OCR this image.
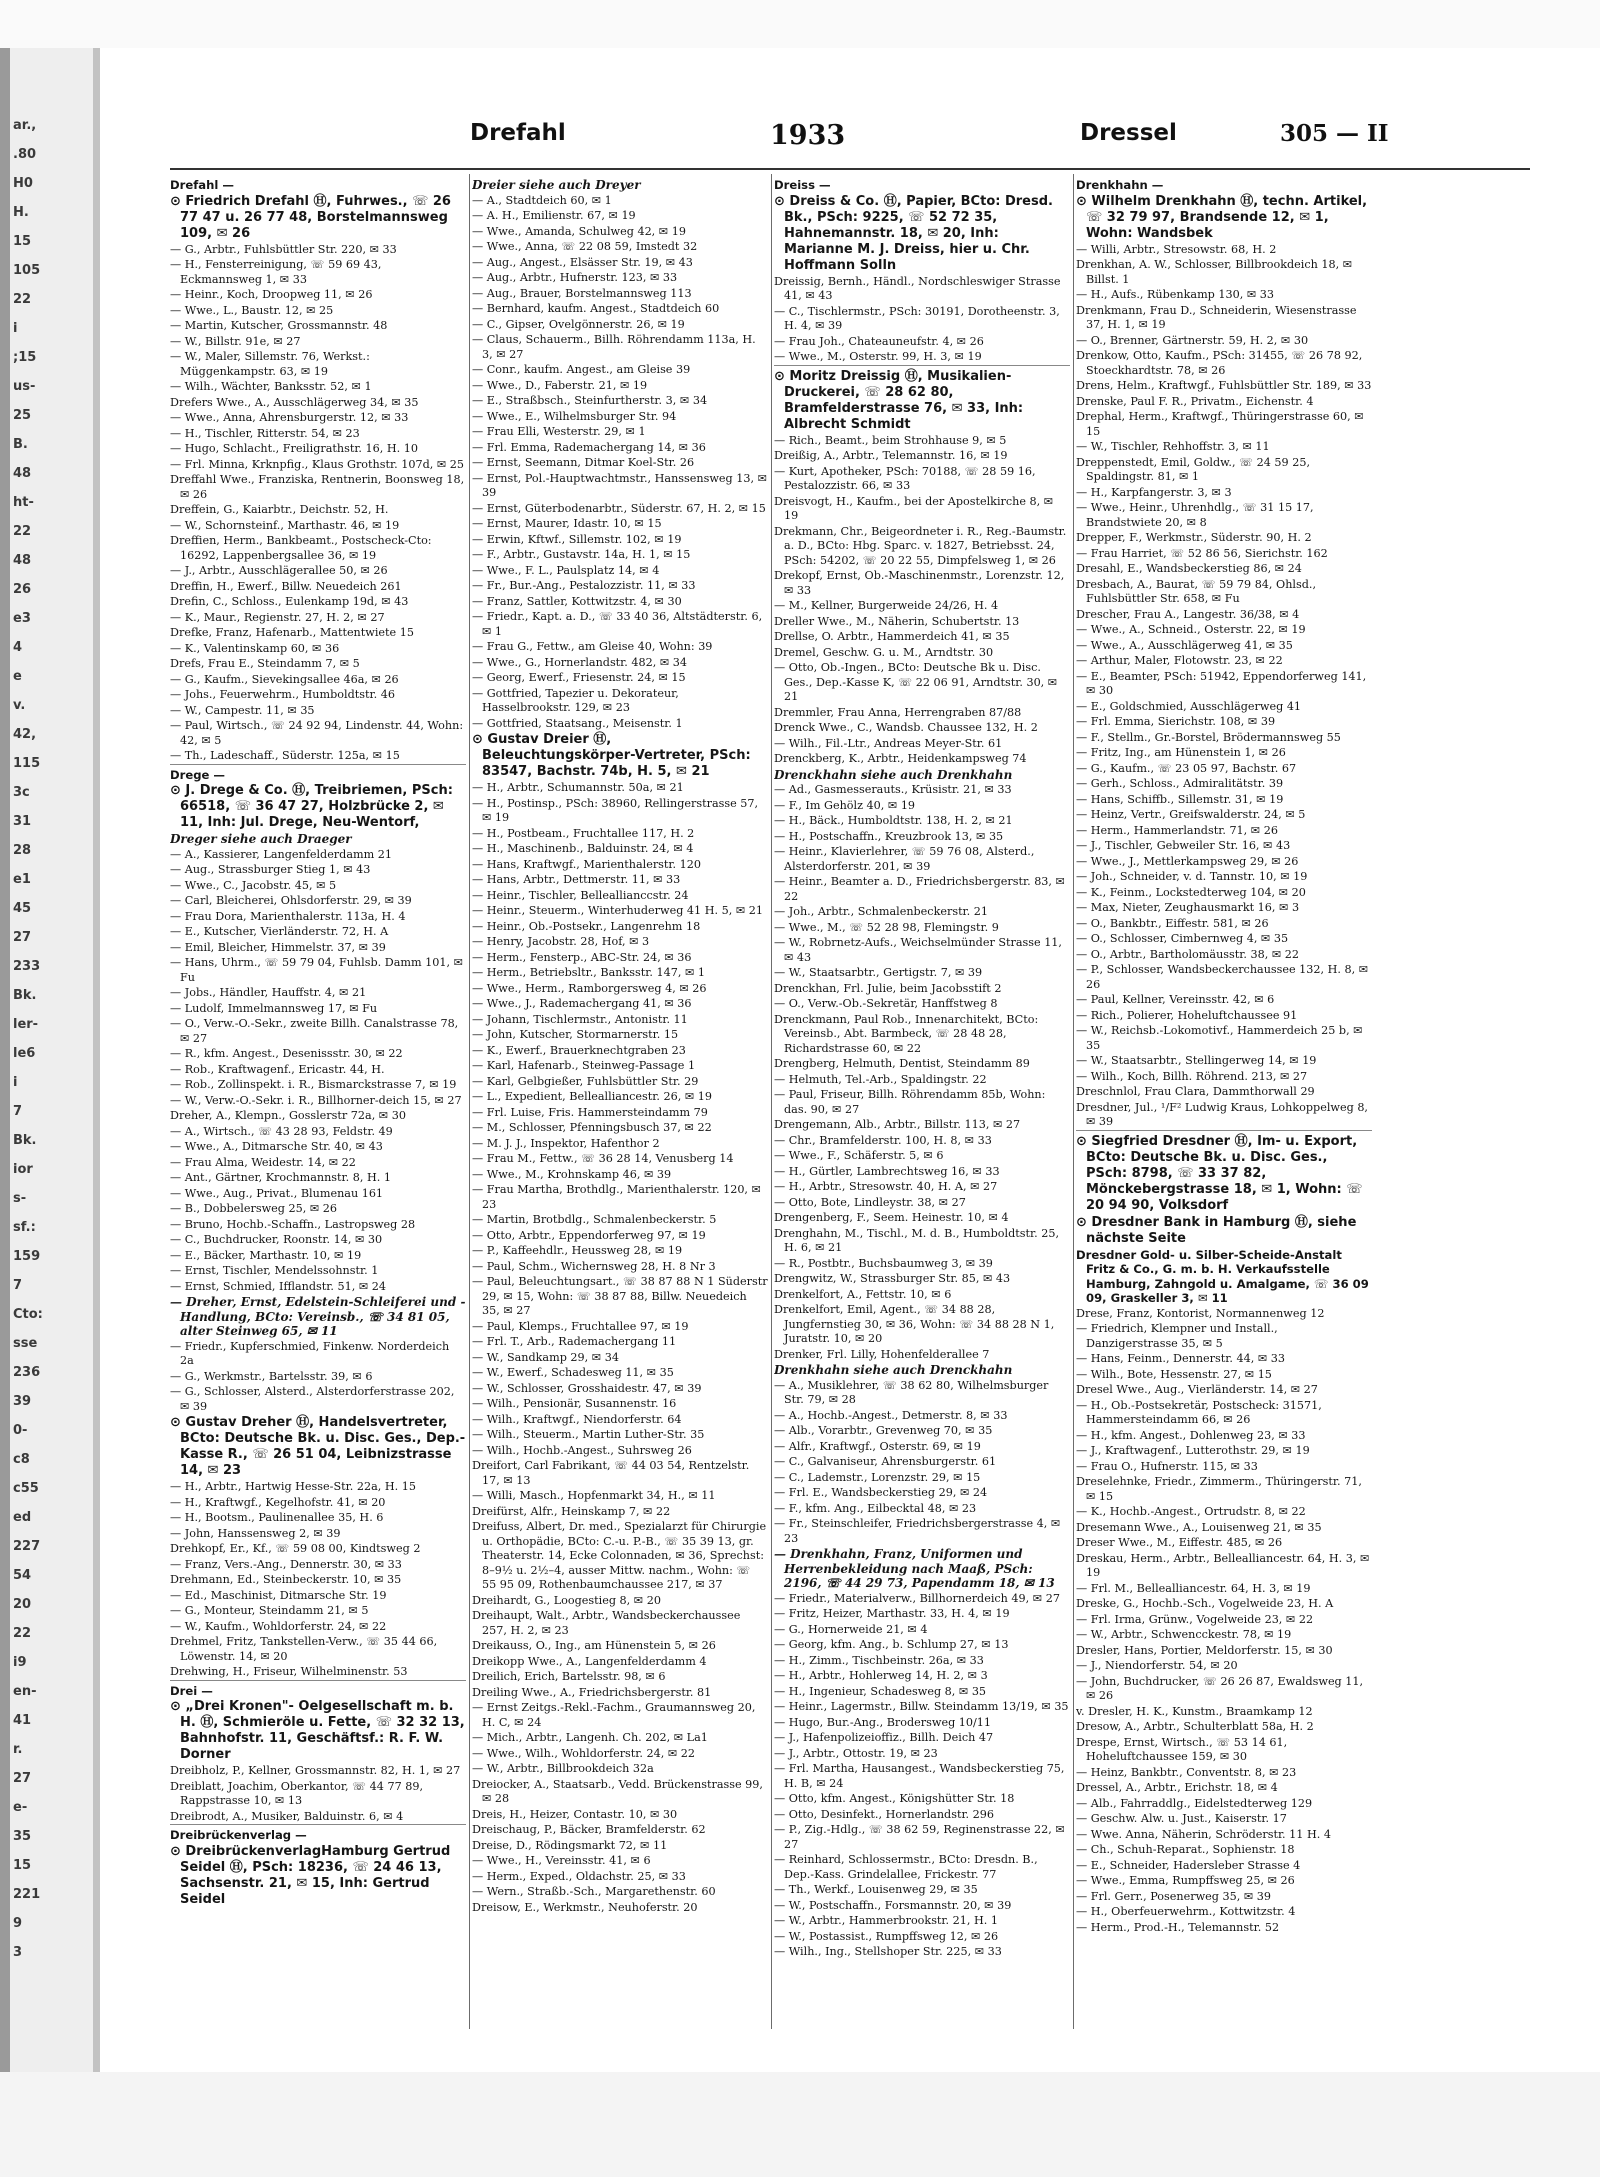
ar.,
.80
H0
H.
15
105
22
i
;15
us-
25
B.
48
ht-
22
48
26
e3
4
e
v.
42,
115
3c
31
28
e1
45
27
233
Bk.
ler-
le6
i
7
Bk.
ior
s-
sf.:
159
7
Cto:
sse
236
39
0-
c8
c55
ed
227
54
20
22
i9
en-
41
r.
27
e-
35
15
221
9
3
Drefahl	1933	Dressel	305 — II
Drefahl —
⊙ Friedrich Drefahl Ⓗ, Fuhrwes., ☏ 26 77 47 u. 26 77 48, Borstelmannsweg 109, ✉ 26
— G., Arbtr., Fuhlsbüttler Str. 220, ✉ 33
— H., Fensterreinigung, ☏ 59 69 43, Eckmannsweg 1, ✉ 33
— Heinr., Koch, Droopweg 11, ✉ 26
— Wwe., L., Baustr. 12, ✉ 25
— Martin, Kutscher, Grossmannstr. 48
— W., Billstr. 91e, ✉ 27
— W., Maler, Sillemstr. 76, Werkst.: Müggenkampstr. 63, ✉ 19
— Wilh., Wächter, Banksstr. 52, ✉ 1
Drefers Wwe., A., Ausschlägerweg 34, ✉ 35
— Wwe., Anna, Ahrensburgerstr. 12, ✉ 33
— H., Tischler, Ritterstr. 54, ✉ 23
— Hugo, Schlacht., Freiligrathstr. 16, H. 10
— Frl. Minna, Krknpfig., Klaus Grothstr. 107d, ✉ 25
Dreffahl Wwe., Franziska, Rentnerin, Boonsweg 18, ✉ 26
Dreffein, G., Kaiarbtr., Deichstr. 52, H.
— W., Schornsteinf., Marthastr. 46, ✉ 19
Dreffien, Herm., Bankbeamt., Postscheck-Cto: 16292, Lappenbergsallee 36, ✉ 19
— J., Arbtr., Ausschlägerallee 50, ✉ 26
Dreffin, H., Ewerf., Billw. Neuedeich 261
Drefin, C., Schloss., Eulenkamp 19d, ✉ 43
— K., Maur., Regienstr. 27, H. 2, ✉ 27
Drefke, Franz, Hafenarb., Mattentwiete 15
— K., Valentinskamp 60, ✉ 36
Drefs, Frau E., Steindamm 7, ✉ 5
— G., Kaufm., Sievekingsallee 46a, ✉ 26
— Johs., Feuerwehrm., Humboldtstr. 46
— W., Campestr. 11, ✉ 35
— Paul, Wirtsch., ☏ 24 92 94, Lindenstr. 44, Wohn: 42, ✉ 5
— Th., Ladeschaff., Süderstr. 125a, ✉ 15
Drege —
⊙ J. Drege & Co. Ⓗ, Treibriemen, PSch: 66518, ☏ 36 47 27, Holzbrücke 2, ✉ 11, Inh: Jul. Drege, Neu-Wentorf,
Dreger siehe auch Draeger
— A., Kassierer, Langenfelderdamm 21
— Aug., Strassburger Stieg 1, ✉ 43
— Wwe., C., Jacobstr. 45, ✉ 5
— Carl, Bleicherei, Ohlsdorferstr. 29, ✉ 39
— Frau Dora, Marienthalerstr. 113a, H. 4
— E., Kutscher, Vierländerstr. 72, H. A
— Emil, Bleicher, Himmelstr. 37, ✉ 39
— Hans, Uhrm., ☏ 59 79 04, Fuhlsb. Damm 101, ✉ Fu
— Jobs., Händler, Hauffstr. 4, ✉ 21
— Ludolf, Immelmannsweg 17, ✉ Fu
— O., Verw.-O.-Sekr., zweite Billh. Canalstrasse 78, ✉ 27
— R., kfm. Angest., Desenissstr. 30, ✉ 22
— Rob., Kraftwagenf., Ericastr. 44, H.
— Rob., Zollinspekt. i. R., Bismarckstrasse 7, ✉ 19
— W., Verw.-O.-Sekr. i. R., Billhorner-deich 15, ✉ 27
Dreher, A., Klempn., Gosslerstr 72a, ✉ 30
— A., Wirtsch., ☏ 43 28 93, Feldstr. 49
— Wwe., A., Ditmarsche Str. 40, ✉ 43
— Frau Alma, Weidestr. 14, ✉ 22
— Ant., Gärtner, Krochmannstr. 8, H. 1
— Wwe., Aug., Privat., Blumenau 161
— B., Dobbelersweg 25, ✉ 26
— Bruno, Hochb.-Schaffn., Lastropsweg 28
— C., Buchdrucker, Roonstr. 14, ✉ 30
— E., Bäcker, Marthastr. 10, ✉ 19
— Ernst, Tischler, Mendelssohnstr. 1
— Ernst, Schmied, Ifflandstr. 51, ✉ 24
— Dreher, Ernst, Edelstein-Schleiferei und -Handlung, BCto: Vereinsb., ☏ 34 81 05, alter Steinweg 65, ✉ 11
— Friedr., Kupferschmied, Finkenw. Norderdeich 2a
— G., Werkmstr., Bartelsstr. 39, ✉ 6
— G., Schlosser, Alsterd., Alsterdorferstrasse 202, ✉ 39
⊙ Gustav Dreher Ⓗ, Handelsvertreter, BCto: Deutsche Bk. u. Disc. Ges., Dep.-Kasse R., ☏ 26 51 04, Leibnizstrasse 14, ✉ 23
— H., Arbtr., Hartwig Hesse-Str. 22a, H. 15
— H., Kraftwgf., Kegelhofstr. 41, ✉ 20
— H., Bootsm., Paulinenallee 35, H. 6
— John, Hanssensweg 2, ✉ 39
Drehkopf, Er., Kf., ☏ 59 08 00, Kindtsweg 2
— Franz, Vers.-Ang., Dennerstr. 30, ✉ 33
Drehmann, Ed., Steinbeckerstr. 10, ✉ 35
— Ed., Maschinist, Ditmarsche Str. 19
— G., Monteur, Steindamm 21, ✉ 5
— W., Kaufm., Wohldorferstr. 24, ✉ 22
Drehmel, Fritz, Tankstellen-Verw., ☏ 35 44 66, Löwenstr. 14, ✉ 20
Drehwing, H., Friseur, Wilhelminenstr. 53
Drei —
⊙ „Drei Kronen"- Oelgesellschaft m. b. H. Ⓗ, Schmieröle u. Fette, ☏ 32 32 13, Bahnhofstr. 11, Geschäftsf.: R. F. W. Dorner
Dreibholz, P., Kellner, Grossmannstr. 82, H. 1, ✉ 27
Dreiblatt, Joachim, Oberkantor, ☏ 44 77 89, Rappstrasse 10, ✉ 13
Dreibrodt, A., Musiker, Balduinstr. 6, ✉ 4
Dreibrückenverlag —
⊙ DreibrückenverlagHamburg Gertrud Seidel Ⓗ, PSch: 18236, ☏ 24 46 13, Sachsenstr. 21, ✉ 15, Inh: Gertrud Seidel
Dreier siehe auch Dreyer
— A., Stadtdeich 60, ✉ 1
— A. H., Emilienstr. 67, ✉ 19
— Wwe., Amanda, Schulweg 42, ✉ 19
— Wwe., Anna, ☏ 22 08 59, Imstedt 32
— Aug., Angest., Elsässer Str. 19, ✉ 43
— Aug., Arbtr., Hufnerstr. 123, ✉ 33
— Aug., Brauer, Borstelmannsweg 113
— Bernhard, kaufm. Angest., Stadtdeich 60
— C., Gipser, Ovelgönnerstr. 26, ✉ 19
— Claus, Schauerm., Billh. Röhrendamm 113a, H. 3, ✉ 27
— Conr., kaufm. Angest., am Gleise 39
— Wwe., D., Faberstr. 21, ✉ 19
— E., Straßbsch., Steinfurtherstr. 3, ✉ 34
— Wwe., E., Wilhelmsburger Str. 94
— Frau Elli, Westerstr. 29, ✉ 1
— Frl. Emma, Rademachergang 14, ✉ 36
— Ernst, Seemann, Ditmar Koel-Str. 26
— Ernst, Pol.-Hauptwachtmstr., Hanssensweg 13, ✉ 39
— Ernst, Güterbodenarbtr., Süderstr. 67, H. 2, ✉ 15
— Ernst, Maurer, Idastr. 10, ✉ 15
— Erwin, Kftwf., Sillemstr. 102, ✉ 19
— F., Arbtr., Gustavstr. 14a, H. 1, ✉ 15
— Wwe., F. L., Paulsplatz 14, ✉ 4
— Fr., Bur.-Ang., Pestalozzistr. 11, ✉ 33
— Franz, Sattler, Kottwitzstr. 4, ✉ 30
— Friedr., Kapt. a. D., ☏ 33 40 36, Altstädterstr. 6, ✉ 1
— Frau G., Fettw., am Gleise 40, Wohn: 39
— Wwe., G., Hornerlandstr. 482, ✉ 34
— Georg, Ewerf., Friesenstr. 24, ✉ 15
— Gottfried, Tapezier u. Dekorateur, Hasselbrookstr. 129, ✉ 23
— Gottfried, Staatsang., Meisenstr. 1
⊙ Gustav Dreier Ⓗ, Beleuchtungskörper-Vertreter, PSch: 83547, Bachstr. 74b, H. 5, ✉ 21
— H., Arbtr., Schumannstr. 50a, ✉ 21
— H., Postinsp., PSch: 38960, Rellingerstrasse 57, ✉ 19
— H., Postbeam., Fruchtallee 117, H. 2
— H., Maschinenb., Balduinstr. 24, ✉ 4
— Hans, Kraftwgf., Marienthalerstr. 120
— Hans, Arbtr., Dettmerstr. 11, ✉ 33
— Heinr., Tischler, Belleallianccstr. 24
— Heinr., Steuerm., Winterhuderweg 41 H. 5, ✉ 21
— Heinr., Ob.-Postsekr., Langenrehm 18
— Henry, Jacobstr. 28, Hof, ✉ 3
— Herm., Fensterp., ABC-Str. 24, ✉ 36
— Herm., Betriebsltr., Banksstr. 147, ✉ 1
— Wwe., Herm., Ramborgersweg 4, ✉ 26
— Wwe., J., Rademachergang 41, ✉ 36
— Johann, Tischlermstr., Antonistr. 11
— John, Kutscher, Stormarnerstr. 15
— K., Ewerf., Brauerknechtgraben 23
— Karl, Hafenarb., Steinweg-Passage 1
— Karl, Gelbgießer, Fuhlsbüttler Str. 29
— L., Expedient, Bellealliancestr. 26, ✉ 19
— Frl. Luise, Fris. Hammersteindamm 79
— M., Schlosser, Pfenningsbusch 37, ✉ 22
— M. J. J., Inspektor, Hafenthor 2
— Frau M., Fettw., ☏ 36 28 14, Venusberg 14
— Wwe., M., Krohnskamp 46, ✉ 39
— Frau Martha, Brothdlg., Marienthalerstr. 120, ✉ 23
— Martin, Brotbdlg., Schmalenbeckerstr. 5
— Otto, Arbtr., Eppendorferweg 97, ✉ 19
— P., Kaffeehdlr., Heussweg 28, ✉ 19
— Paul, Schm., Wichernsweg 28, H. 8 Nr 3
— Paul, Beleuchtungsart., ☏ 38 87 88 N 1 Süderstr 29, ✉ 15, Wohn: ☏ 38 87 88, Billw. Neuedeich 35, ✉ 27
— Paul, Klemps., Fruchtallee 97, ✉ 19
— Frl. T., Arb., Rademachergang 11
— W., Sandkamp 29, ✉ 34
— W., Ewerf., Schadesweg 11, ✉ 35
— W., Schlosser, Grosshaidestr. 47, ✉ 39
— Wilh., Pensionär, Susannenstr. 16
— Wilh., Kraftwgf., Niendorferstr. 64
— Wilh., Steuerm., Martin Luther-Str. 35
— Wilh., Hochb.-Angest., Suhrsweg 26
Dreifort, Carl Fabrikant, ☏ 44 03 54, Rentzelstr. 17, ✉ 13
— Willi, Masch., Hopfenmarkt 34, H., ✉ 11
Dreifürst, Alfr., Heinskamp 7, ✉ 22
Dreifuss, Albert, Dr. med., Spezialarzt für Chirurgie u. Orthopädie, BCto: C.-u. P.-B., ☏ 35 39 13, gr. Theaterstr. 14, Ecke Colonnaden, ✉ 36, Sprechst: 8–9½ u. 2½–4, ausser Mittw. nachm., Wohn: ☏ 55 95 09, Rothenbaumchaussee 217, ✉ 37
Dreihardt, G., Loogestieg 8, ✉ 20
Dreihaupt, Walt., Arbtr., Wandsbeckerchaussee 257, H. 2, ✉ 23
Dreikauss, O., Ing., am Hünenstein 5, ✉ 26
Dreikopp Wwe., A., Langenfelderdamm 4
Dreilich, Erich, Bartelsstr. 98, ✉ 6
Dreiling Wwe., A., Friedrichsbergerstr. 81
— Ernst Zeitgs.-Rekl.-Fachm., Graumannsweg 20, H. C, ✉ 24
— Mich., Arbtr., Langenh. Ch. 202, ✉ La1
— Wwe., Wilh., Wohldorferstr. 24, ✉ 22
— W., Arbtr., Billbrookdeich 32a
Dreiocker, A., Staatsarb., Vedd. Brückenstrasse 99, ✉ 28
Dreis, H., Heizer, Contastr. 10, ✉ 30
Dreischaug, P., Bäcker, Bramfelderstr. 62
Dreise, D., Rödingsmarkt 72, ✉ 11
— Wwe., H., Vereinsstr. 41, ✉ 6
— Herm., Exped., Oldachstr. 25, ✉ 33
— Wern., Straßb.-Sch., Margarethenstr. 60
Dreisow, E., Werkmstr., Neuhoferstr. 20
Dreiss —
⊙ Dreiss & Co. Ⓗ, Papier, BCto: Dresd. Bk., PSch: 9225, ☏ 52 72 35, Hahnemannstr. 18, ✉ 20, Inh: Marianne M. J. Dreiss, hier u. Chr. Hoffmann Solln
Dreissig, Bernh., Händl., Nordschleswiger Strasse 41, ✉ 43
— C., Tischlermstr., PSch: 30191, Dorotheenstr. 3, H. 4, ✉ 39
— Frau Joh., Chateauneufstr. 4, ✉ 26
— Wwe., M., Osterstr. 99, H. 3, ✉ 19
⊙ Moritz Dreissig Ⓗ, Musikalien-Druckerei, ☏ 28 62 80, Bramfelderstrasse 76, ✉ 33, Inh: Albrecht Schmidt
— Rich., Beamt., beim Strohhause 9, ✉ 5
Dreißig, A., Arbtr., Telemannstr. 16, ✉ 19
— Kurt, Apotheker, PSch: 70188, ☏ 28 59 16, Pestalozzistr. 66, ✉ 33
Dreisvogt, H., Kaufm., bei der Apostelkirche 8, ✉ 19
Drekmann, Chr., Beigeordneter i. R., Reg.-Baumstr. a. D., BCto: Hbg. Sparc. v. 1827, Betriebsst. 24, PSch: 54202, ☏ 20 22 55, Dimpfelsweg 1, ✉ 26
Drekopf, Ernst, Ob.-Maschinenmstr., Lorenzstr. 12, ✉ 33
— M., Kellner, Burgerweide 24/26, H. 4
Dreller Wwe., M., Näherin, Schubertstr. 13
Drellse, O. Arbtr., Hammerdeich 41, ✉ 35
Dremel, Geschw. G. u. M., Arndtstr. 30
— Otto, Ob.-Ingen., BCto: Deutsche Bk u. Disc. Ges., Dep.-Kasse K, ☏ 22 06 91, Arndtstr. 30, ✉ 21
Dremmler, Frau Anna, Herrengraben 87/88
Drenck Wwe., C., Wandsb. Chaussee 132, H. 2
— Wilh., Fil.-Ltr., Andreas Meyer-Str. 61
Drenckberg, K., Arbtr., Heidenkampsweg 74
Drenckhahn siehe auch Drenkhahn
— Ad., Gasmesserauts., Krüsistr. 21, ✉ 33
— F., Im Gehölz 40, ✉ 19
— H., Bäck., Humboldtstr. 138, H. 2, ✉ 21
— H., Postschaffn., Kreuzbrook 13, ✉ 35
— Heinr., Klavierlehrer, ☏ 59 76 08, Alsterd., Alsterdorferstr. 201, ✉ 39
— Heinr., Beamter a. D., Friedrichsbergerstr. 83, ✉ 22
— Joh., Arbtr., Schmalenbeckerstr. 21
— Wwe., M., ☏ 52 28 98, Flemingstr. 9
— W., Robrnetz-Aufs., Weichselmünder Strasse 11, ✉ 43
— W., Staatsarbtr., Gertigstr. 7, ✉ 39
Drenckhan, Frl. Julie, beim Jacobsstift 2
— O., Verw.-Ob.-Sekretär, Hanffstweg 8
Drenckmann, Paul Rob., Innenarchitekt, BCto: Vereinsb., Abt. Barmbeck, ☏ 28 48 28, Richardstrasse 60, ✉ 22
Drengberg, Helmuth, Dentist, Steindamm 89
— Helmuth, Tel.-Arb., Spaldingstr. 22
— Paul, Friseur, Billh. Röhrendamm 85b, Wohn: das. 90, ✉ 27
Drengemann, Alb., Arbtr., Billstr. 113, ✉ 27
— Chr., Bramfelderstr. 100, H. 8, ✉ 33
— Wwe., F., Schäferstr. 5, ✉ 6
— H., Gürtler, Lambrechtsweg 16, ✉ 33
— H., Arbtr., Stresowstr. 40, H. A, ✉ 27
— Otto, Bote, Lindleystr. 38, ✉ 27
Drengenberg, F., Seem. Heinestr. 10, ✉ 4
Drenghahn, M., Tischl., M. d. B., Humboldtstr. 25, H. 6, ✉ 21
— R., Postbtr., Buchsbaumweg 3, ✉ 39
Drengwitz, W., Strassburger Str. 85, ✉ 43
Drenkelfort, A., Fettstr. 10, ✉ 6
Drenkelfort, Emil, Agent., ☏ 34 88 28, Jungfernstieg 30, ✉ 36, Wohn: ☏ 34 88 28 N 1, Juratstr. 10, ✉ 20
Drenker, Frl. Lilly, Hohenfelderallee 7
Drenkhahn siehe auch Drenckhahn
— A., Musiklehrer, ☏ 38 62 80, Wilhelmsburger Str. 79, ✉ 28
— A., Hochb.-Angest., Detmerstr. 8, ✉ 33
— Alb., Vorarbtr., Grevenweg 70, ✉ 35
— Alfr., Kraftwgf., Osterstr. 69, ✉ 19
— C., Galvaniseur, Ahrensburgerstr. 61
— C., Lademstr., Lorenzstr. 29, ✉ 15
— Frl. E., Wandsbeckerstieg 29, ✉ 24
— F., kfm. Ang., Eilbecktal 48, ✉ 23
— Fr., Steinschleifer, Friedrichsbergerstrasse 4, ✉ 23
— Drenkhahn, Franz, Uniformen und Herrenbekleidung nach Maaß, PSch: 2196, ☏ 44 29 73, Papendamm 18, ✉ 13
— Friedr., Materialverw., Billhornerdeich 49, ✉ 27
— Fritz, Heizer, Marthastr. 33, H. 4, ✉ 19
— G., Hornerweide 21, ✉ 4
— Georg, kfm. Ang., b. Schlump 27, ✉ 13
— H., Zimm., Tischbeinstr. 26a, ✉ 33
— H., Arbtr., Hohlerweg 14, H. 2, ✉ 3
— H., Ingenieur, Schadesweg 8, ✉ 35
— Heinr., Lagermstr., Billw. Steindamm 13/19, ✉ 35
— Hugo, Bur.-Ang., Brodersweg 10/11
— J., Hafenpolizeioffiz., Billh. Deich 47
— J., Arbtr., Ottostr. 19, ✉ 23
— Frl. Martha, Hausangest., Wandsbeckerstieg 75, H. B, ✉ 24
— Otto, kfm. Angest., Königshütter Str. 18
— Otto, Desinfekt., Hornerlandstr. 296
— P., Zig.-Hdlg., ☏ 38 62 59, Reginenstrasse 22, ✉ 27
— Reinhard, Schlossermstr., BCto: Dresdn. B., Dep.-Kass. Grindelallee, Frickestr. 77
— Th., Werkf., Louisenweg 29, ✉ 35
— W., Postschaffn., Forsmannstr. 20, ✉ 39
— W., Arbtr., Hammerbrookstr. 21, H. 1
— W., Postassist., Rumpffsweg 12, ✉ 26
— Wilh., Ing., Stellshoper Str. 225, ✉ 33
Drenkhahn —
⊙ Wilhelm Drenkhahn Ⓗ, techn. Artikel, ☏ 32 79 97, Brandsende 12, ✉ 1, Wohn: Wandsbek
— Willi, Arbtr., Stresowstr. 68, H. 2
Drenkhan, A. W., Schlosser, Billbrookdeich 18, ✉ Billst. 1
— H., Aufs., Rübenkamp 130, ✉ 33
Drenkmann, Frau D., Schneiderin, Wiesenstrasse 37, H. 1, ✉ 19
— O., Brenner, Gärtnerstr. 59, H. 2, ✉ 30
Drenkow, Otto, Kaufm., PSch: 31455, ☏ 26 78 92, Stoeckhardtstr. 78, ✉ 26
Drens, Helm., Kraftwgf., Fuhlsbüttler Str. 189, ✉ 33
Drenske, Paul F. R., Privatm., Eichenstr. 4
Drephal, Herm., Kraftwgf., Thüringerstrasse 60, ✉ 15
— W., Tischler, Rehhoffstr. 3, ✉ 11
Dreppenstedt, Emil, Goldw., ☏ 24 59 25, Spaldingstr. 81, ✉ 1
— H., Karpfangerstr. 3, ✉ 3
— Wwe., Heinr., Uhrenhdlg., ☏ 31 15 17, Brandstwiete 20, ✉ 8
Drepper, F., Werkmstr., Süderstr. 90, H. 2
— Frau Harriet, ☏ 52 86 56, Sierichstr. 162
Dresahl, E., Wandsbeckerstieg 86, ✉ 24
Dresbach, A., Baurat, ☏ 59 79 84, Ohlsd., Fuhlsbüttler Str. 658, ✉ Fu
Drescher, Frau A., Langestr. 36/38, ✉ 4
— Wwe., A., Schneid., Osterstr. 22, ✉ 19
— Wwe., A., Ausschlägerweg 41, ✉ 35
— Arthur, Maler, Flotowstr. 23, ✉ 22
— E., Beamter, PSch: 51942, Eppendorferweg 141, ✉ 30
— E., Goldschmied, Ausschlägerweg 41
— Frl. Emma, Sierichstr. 108, ✉ 39
— F., Stellm., Gr.-Borstel, Brödermannsweg 55
— Fritz, Ing., am Hünenstein 1, ✉ 26
— G., Kaufm., ☏ 23 05 97, Bachstr. 67
— Gerh., Schloss., Admiralitätstr. 39
— Hans, Schiffb., Sillemstr. 31, ✉ 19
— Heinz, Vertr., Greifswalderstr. 24, ✉ 5
— Herm., Hammerlandstr. 71, ✉ 26
— J., Tischler, Gebweiler Str. 16, ✉ 43
— Wwe., J., Mettlerkampsweg 29, ✉ 26
— Joh., Schneider, v. d. Tannstr. 10, ✉ 19
— K., Feinm., Lockstedterweg 104, ✉ 20
— Max, Nieter, Zeughausmarkt 16, ✉ 3
— O., Bankbtr., Eiffestr. 581, ✉ 26
— O., Schlosser, Cimbernweg 4, ✉ 35
— O., Arbtr., Bartholomäusstr. 38, ✉ 22
— P., Schlosser, Wandsbeckerchaussee 132, H. 8, ✉ 26
— Paul, Kellner, Vereinsstr. 42, ✉ 6
— Rich., Polierer, Hoheluftchaussee 91
— W., Reichsb.-Lokomotivf., Hammerdeich 25 b, ✉ 35
— W., Staatsarbtr., Stellingerweg 14, ✉ 19
— Wilh., Koch, Billh. Röhrend. 213, ✉ 27
Dreschnlol, Frau Clara, Dammthorwall 29
Dresdner, Jul., ¹/F² Ludwig Kraus, Lohkoppelweg 8, ✉ 39
⊙ Siegfried Dresdner Ⓗ, Im- u. Export, BCto: Deutsche Bk. u. Disc. Ges., PSch: 8798, ☏ 33 37 82, Mönckebergstrasse 18, ✉ 1, Wohn: ☏ 20 94 90, Volksdorf
⊙ Dresdner Bank in Hamburg Ⓗ, siehe nächste Seite
Dresdner Gold- u. Silber-Scheide-Anstalt Fritz & Co., G. m. b. H. Verkaufsstelle Hamburg, Zahngold u. Amalgame, ☏ 36 09 09, Graskeller 3, ✉ 11
Drese, Franz, Kontorist, Normannenweg 12
— Friedrich, Klempner und Install., Danzigerstrasse 35, ✉ 5
— Hans, Feinm., Dennerstr. 44, ✉ 33
— Wilh., Bote, Hessenstr. 27, ✉ 15
Dresel Wwe., Aug., Vierländerstr. 14, ✉ 27
— H., Ob.-Postsekretär, Postscheck: 31571, Hammersteindamm 66, ✉ 26
— H., kfm. Angest., Dohlenweg 23, ✉ 33
— J., Kraftwagenf., Lutterothstr. 29, ✉ 19
— Frau O., Hufnerstr. 115, ✉ 33
Dreselehnke, Friedr., Zimmerm., Thüringerstr. 71, ✉ 15
— K., Hochb.-Angest., Ortrudstr. 8, ✉ 22
Dresemann Wwe., A., Louisenweg 21, ✉ 35
Dreser Wwe., M., Eiffestr. 485, ✉ 26
Dreskau, Herm., Arbtr., Bellealliancestr. 64, H. 3, ✉ 19
— Frl. M., Bellealliancestr. 64, H. 3, ✉ 19
Dreske, G., Hochb.-Sch., Vogelweide 23, H. A
— Frl. Irma, Grünw., Vogelweide 23, ✉ 22
— W., Arbtr., Schwencckestr. 78, ✉ 19
Dresler, Hans, Portier, Meldorferstr. 15, ✉ 30
— J., Niendorferstr. 54, ✉ 20
— John, Buchdrucker, ☏ 26 26 87, Ewaldsweg 11, ✉ 26
v. Dresler, H. K., Kunstm., Braamkamp 12
Dresow, A., Arbtr., Schulterblatt 58a, H. 2
Drespe, Ernst, Wirtsch., ☏ 53 14 61, Hoheluftchaussee 159, ✉ 30
— Heinz, Bankbtr., Conventstr. 8, ✉ 23
Dressel, A., Arbtr., Erichstr. 18, ✉ 4
— Alb., Fahrraddlg., Eidelstedterweg 129
— Geschw. Alw. u. Just., Kaiserstr. 17
— Wwe. Anna, Näherin, Schröderstr. 11 H. 4
— Ch., Schuh-Reparat., Sophienstr. 18
— E., Schneider, Hadersleber Strasse 4
— Wwe., Emma, Rumpffsweg 25, ✉ 26
— Frl. Gerr., Posenerweg 35, ✉ 39
— H., Oberfeuerwehrm., Kottwitzstr. 4
— Herm., Prod.-H., Telemannstr. 52
